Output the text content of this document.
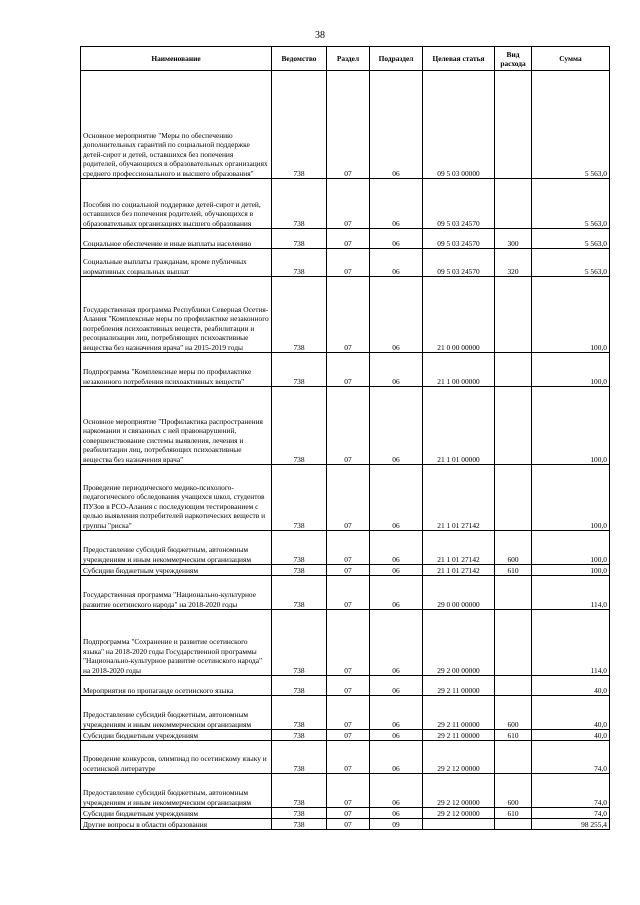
38
Наименование	Ведомство	Раздел	Подраздел	Целевая статья	Вид расхода	Сумма
Основное мероприятие "Меры по обеспечению дополнительных гарантий по социальной поддержке детей-сирот и детей, оставшихся без попечения родителей, обучающихся в образовательных организациях среднего профессионального и высшего образования"	738	07	06	09 5 03 00000		5 563,0
Пособия по социальной поддержке детей-сирот и детей, оставшихся без попечения родителей, обучающихся в образовательных организациях высшего образования	738	07	06	09 5 03 24570		5 563,0
Социальное обеспечение и иные выплаты населению	738	07	06	09 5 03 24570	300	5 563,0
Социальные выплаты гражданам, кроме публичных нормативных социальных выплат	738	07	06	09 5 03 24570	320	5 563,0
Государственная программа Республики Северная Осетия-Алания "Комплексные меры по профилактике незаконного потребления психоактивных веществ, реабилитации и ресоциализации лиц, потребляющих психоактивные вещества без назначения врача" на 2015-2019 годы	738	07	06	21 0 00 00000		100,0
Подпрограмма "Комплексные меры по профилактике незаконного потребления психоактивных веществ"	738	07	06	21 1 00 00000		100,0
Основное мероприятие "Профилактика распространения наркомании и связанных с ней правонарушений, совершенствование системы выявления, лечения и реабилитации лиц, потребляющих психоактивные вещества без назначения врача"	738	07	06	21 1 01 00000		100,0
Проведение периодического медико-психолого-педагогического обследования учащихся школ, студентов ПУЗов в РСО-Алания с последующим тестированием с целью выявления потребителей наркотических веществ и группы "риска"	738	07	06	21 1 01 27142		100,0
Предоставление субсидий бюджетным, автономным учреждениям и иным некоммерческим организациям	738	07	06	21 1 01 27142	600	100,0
Субсидии бюджетным учреждениям	738	07	06	21 1 01 27142	610	100,0
Государственная программа "Национально-культурное развитие осетинского народа" на 2018-2020 годы	738	07	06	29 0 00 00000		114,0
Подпрограмма "Сохранение и развитие осетинского языка" на 2018-2020 годы Государственной программы "Национально-культурное развитие осетинского народа" на 2018-2020 годы	738	07	06	29 2 00 00000		114,0
Мероприятия по пропаганде осетинского языка	738	07	06	29 2 11 00000		40,0
Предоставление субсидий бюджетным, автономным учреждениям и иным некоммерческим организациям	738	07	06	29 2 11 00000	600	40,0
Субсидии бюджетным учреждениям	738	07	06	29 2 11 00000	610	40,0
Проведение конкурсов, олимпиад по осетинскому языку и осетинской литературе	738	07	06	29 2 12 00000		74,0
Предоставление субсидий бюджетным, автономным учреждениям и иным некоммерческим организациям	738	07	06	29 2 12 00000	600	74,0
Субсидии бюджетным учреждениям	738	07	06	29 2 12 00000	610	74,0
Другие вопросы в области образования	738	07	09			98 255,4
